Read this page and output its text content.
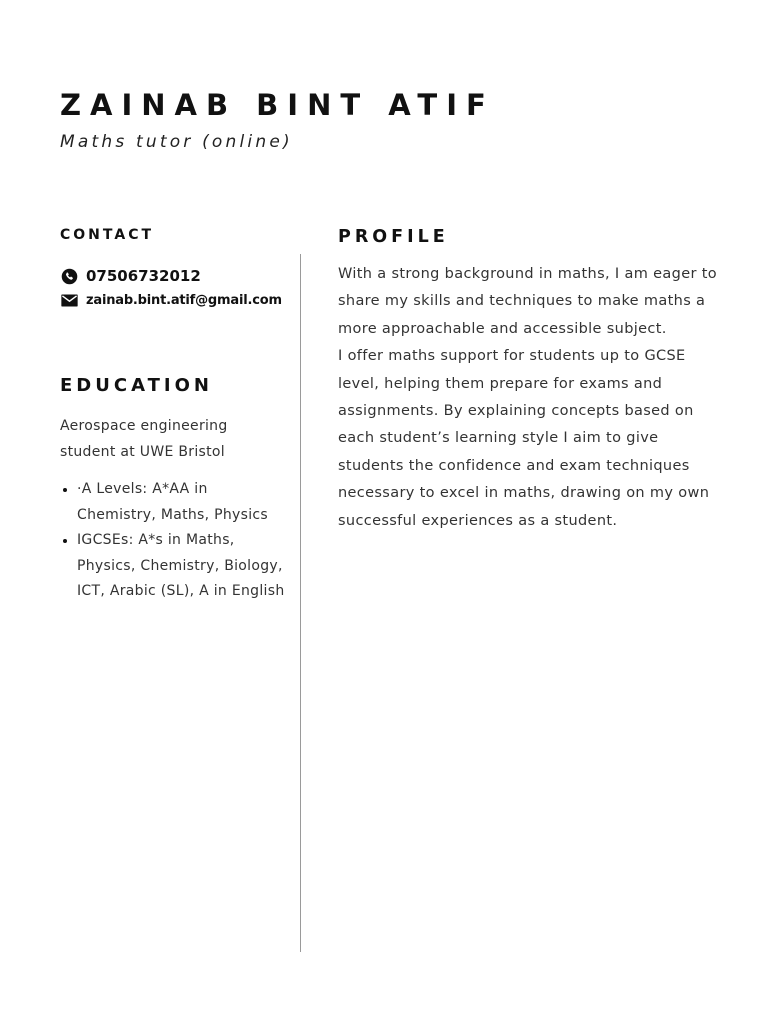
ZAINAB BINT ATIF
Maths tutor (online)
CONTACT
07506732012
zainab.bint.atif@gmail.com
EDUCATION
Aerospace engineering student at UWE Bristol
• ·A Levels: A*AA in Chemistry, Maths, Physics
• IGCSEs: A*s in Maths, Physics, Chemistry, Biology, ICT, Arabic (SL), A in English
PROFILE

With a strong background in maths, I am eager to share my skills and techniques to make maths a more approachable and accessible subject.

I offer maths support for students up to GCSE level, helping them prepare for exams and assignments. By explaining concepts based on each student’s learning style I aim to give students the confidence and exam techniques necessary to excel in maths, drawing on my own successful experiences as a student.
